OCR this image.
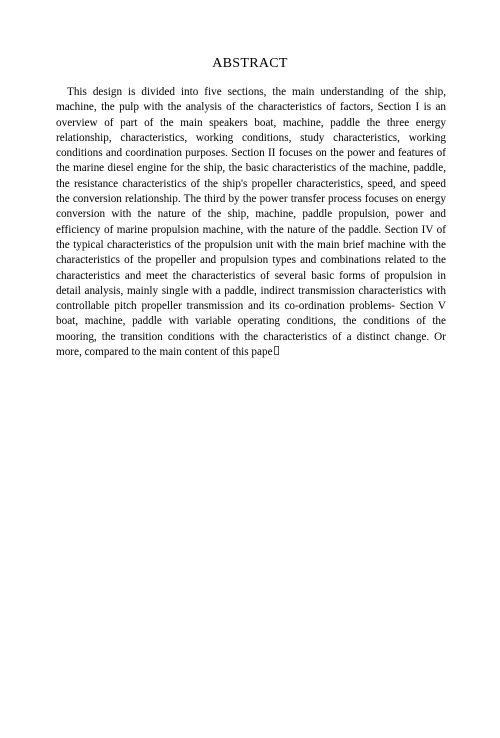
ABSTRACT

This design is divided into five sections, the main understanding of the ship, machine, the pulp with the analysis of the characteristics of factors, Section I is an overview of part of the main speakers boat, machine, paddle the three energy relationship, characteristics, working conditions, study characteristics, working conditions and coordination purposes. Section II focuses on the power and features of the marine diesel engine for the ship, the basic characteristics of the machine, paddle, the resistance characteristics of the ship's propeller characteristics, speed, and speed the conversion relationship. The third by the power transfer process focuses on energy conversion with the nature of the ship, machine, paddle propulsion, power and efficiency of marine propulsion machine, with the nature of the paddle. Section IV of the typical characteristics of the propulsion unit with the main brief machine with the characteristics of the propeller and propulsion types and combinations related to the characteristics and meet the characteristics of several basic forms of propulsion in detail analysis, mainly single with a paddle, indirect transmission characteristics with controllable pitch propeller transmission and its co-ordination problems- Section V boat, machine, paddle with variable operating conditions, the conditions of the mooring, the transition conditions with the characteristics of a distinct change. Or more, compared to the main content of this pape
